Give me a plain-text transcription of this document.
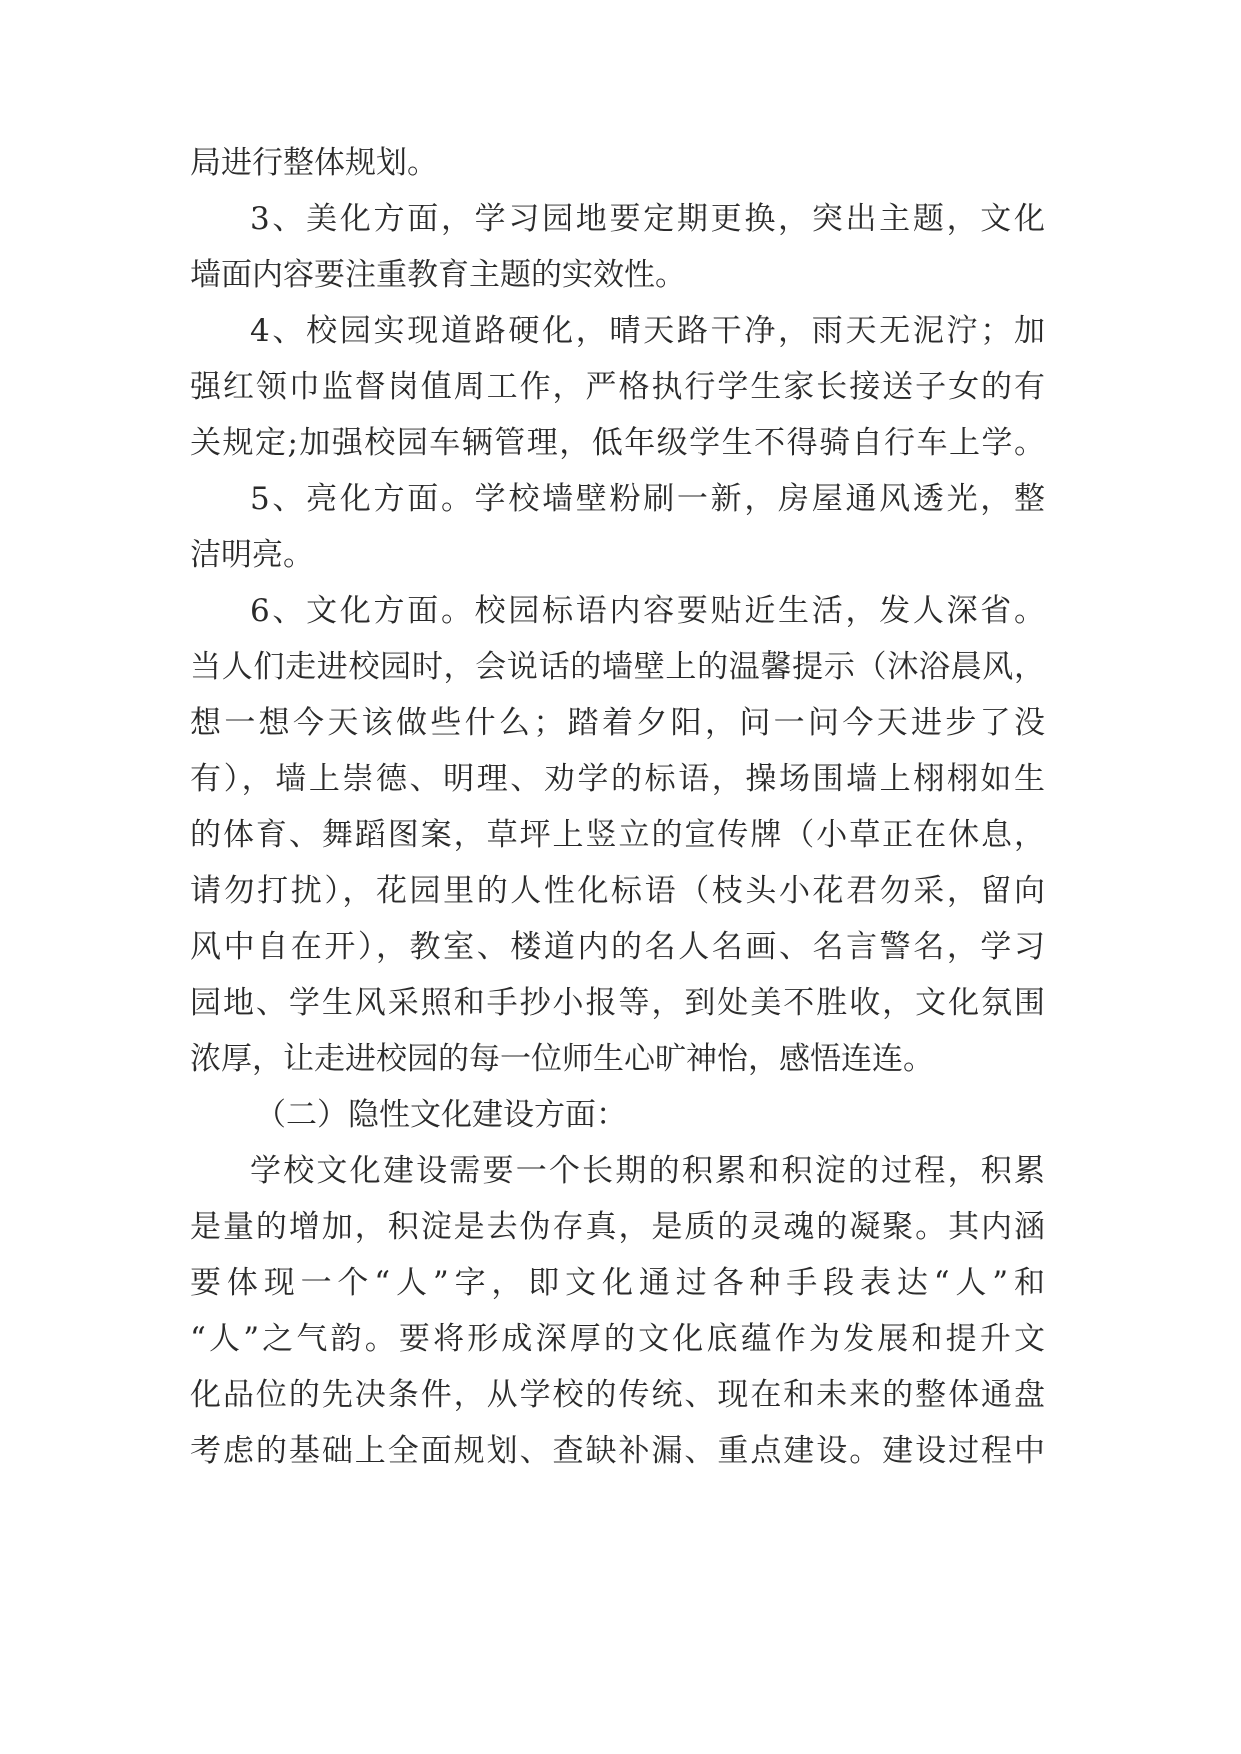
局进行整体规划。
3、美化方面，学习园地要定期更换，突出主题，文化
墙面内容要注重教育主题的实效性。
4、校园实现道路硬化，晴天路干净，雨天无泥泞；加
强红领巾监督岗值周工作，严格执行学生家长接送子女的有
关规定;加强校园车辆管理，低年级学生不得骑自行车上学。
5、亮化方面。学校墙壁粉刷一新，房屋通风透光，整
洁明亮。
6、文化方面。校园标语内容要贴近生活，发人深省。
当人们走进校园时，会说话的墙壁上的温馨提示（沐浴晨风，
想一想今天该做些什么；踏着夕阳，问一问今天进步了没
有），墙上崇德、明理、劝学的标语，操场围墙上栩栩如生
的体育、舞蹈图案，草坪上竖立的宣传牌（小草正在休息，
请勿打扰），花园里的人性化标语（枝头小花君勿采，留向
风中自在开），教室、楼道内的名人名画、名言警名，学习
园地、学生风采照和手抄小报等，到处美不胜收，文化氛围
浓厚，让走进校园的每一位师生心旷神怡，感悟连连。
（二）隐性文化建设方面：
学校文化建设需要一个长期的积累和积淀的过程，积累
是量的增加，积淀是去伪存真，是质的灵魂的凝聚。其内涵
要体现一个“人”字，即文化通过各种手段表达“人”和
“人”之气韵。要将形成深厚的文化底蕴作为发展和提升文
化品位的先决条件，从学校的传统、现在和未来的整体通盘
考虑的基础上全面规划、查缺补漏、重点建设。建设过程中
